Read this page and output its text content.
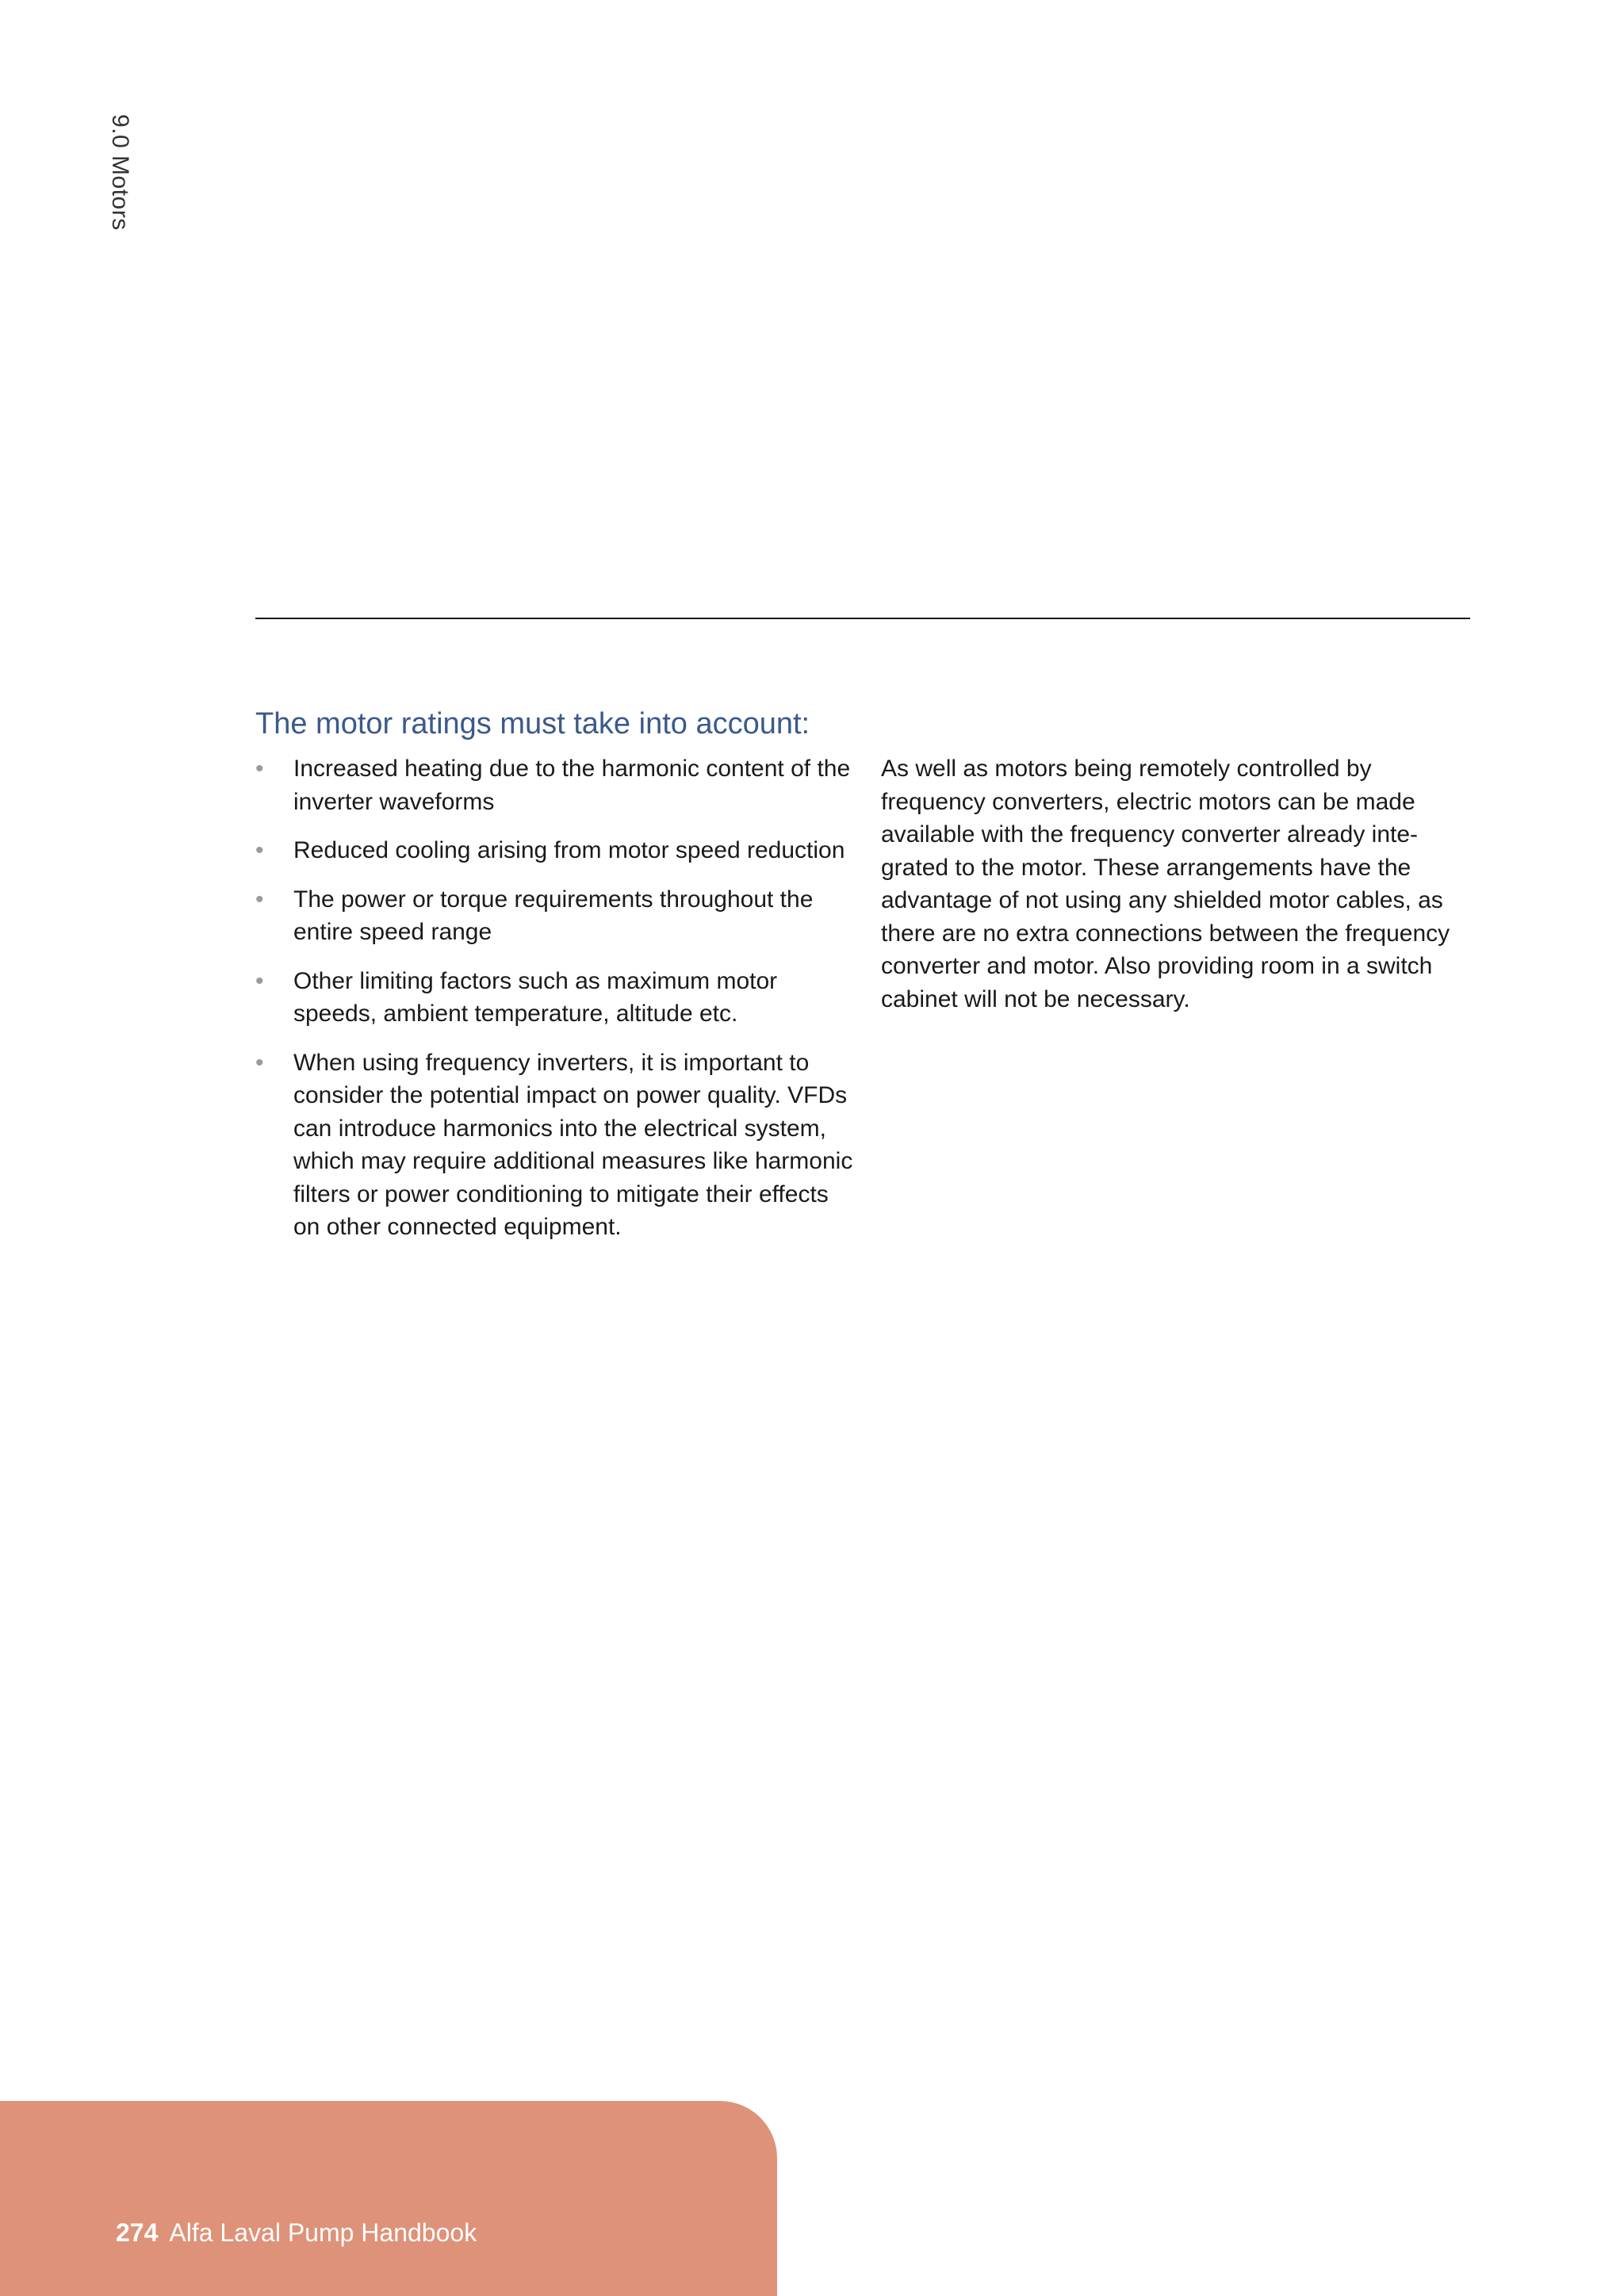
9.0 Motors
The motor ratings must take into account:
• Increased heating due to the harmonic content of the inverter waveforms
• Reduced cooling arising from motor speed reduction
• The power or torque requirements throughout the entire speed range
• Other limiting factors such as maximum motor speeds, ambient temperature, altitude etc.
• When using frequency inverters, it is important to consider the potential impact on power quality. VFDs can introduce harmonics into the electrical system, which may require additional measures like harmonic filters or power conditioning to mitigate their effects on other connected equipment.

As well as motors being remotely controlled by frequency converters, electric motors can be made available with the frequency converter already inte-grated to the motor. These arrangements have the advantage of not using any shielded motor cables, as there are no extra connections between the frequency converter and motor. Also providing room in a switch cabinet will not be necessary.

274 Alfa Laval Pump Handbook
